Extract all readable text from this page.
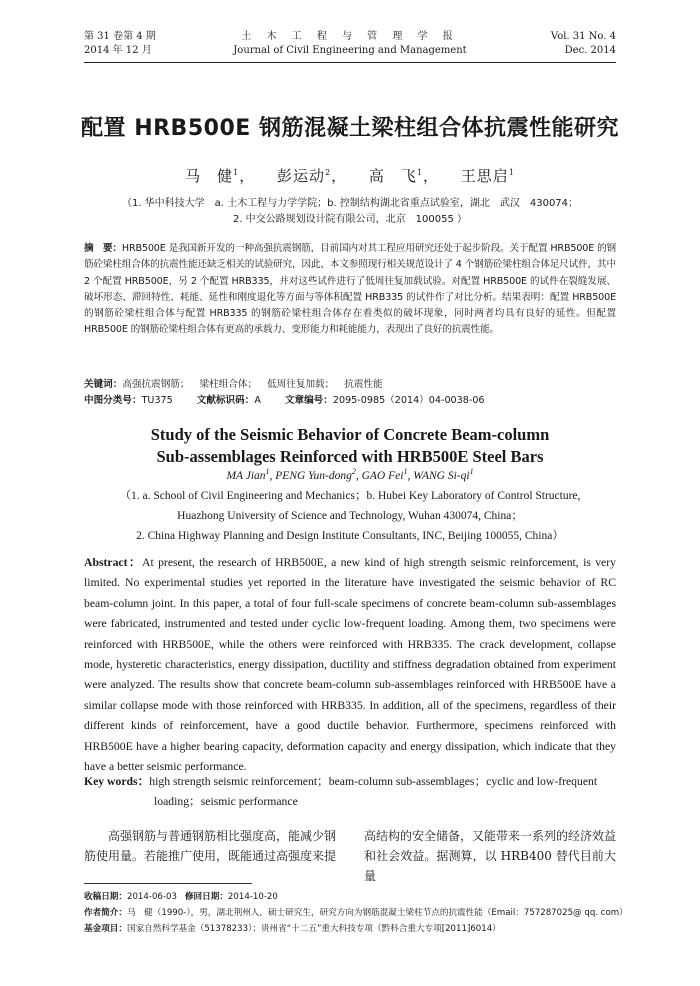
第 31 卷第 4 期
2014 年 12 月
土 木 工 程 与 管 理 学 报
Journal of Civil Engineering and Management
Vol. 31 No. 4
Dec. 2014
配置 HRB500E 钢筋混凝土梁柱组合体抗震性能研究
马　健$^1$， 彭运动$^2$， 高　飞$^1$， 王思启$^1$
（1. 华中科技大学　a. 土木工程与力学学院；b. 控制结构湖北省重点试验室，湖北　武汉　430074；
2. 中交公路规划设计院有限公司，北京　100055 ）
摘　要：HRB500E 是我国新开发的一种高强抗震钢筋，目前国内对其工程应用研究还处于起步阶段。关于配置 HRB500E 的钢筋砼梁柱组合体的抗震性能还缺乏相关的试验研究，因此，本文参照现行相关规范设计了 4 个钢筋砼梁柱组合体足尺试件，其中 2 个配置 HRB500E，另 2 个配置 HRB335，并对这些试件进行了低周往复加载试验。对配置 HRB500E 的试件在裂缝发展、破坏形态、滞回特性、耗能、延性和刚度退化等方面与等体积配置 HRB335 的试件作了对比分析。结果表明：配置 HRB500E 的钢筋砼梁柱组合体与配置 HRB335 的钢筋砼梁柱组合体存在着类似的破坏现象，同时两者均具有良好的延性。但配置 HRB500E 的钢筋砼梁柱组合体有更高的承载力、变形能力和耗能能力，表现出了良好的抗震性能。
关键词：高强抗震钢筋； 梁柱组合体； 低周往复加载； 抗震性能
中图分类号：TU375	文献标识码：A	文章编号：2095-0985（2014）04-0038-06
Study of the Seismic Behavior of Concrete Beam-column
Sub-assemblages Reinforced with HRB500E Steel Bars
MA Jian$^1$, PENG Yun-dong$^2$, GAO Fei$^1$, WANG $Si-qi^1$
（1. a. School of Civil Engineering and Mechanics；b. Hubei Key Laboratory of Control Structure,
Huazhong University of Science and Technology, Wuhan 430074, China；
2. China Highway Planning and Design Institute Consultants, INC, Beijing 100055, China）
Abstract：At present, the research of HRB500E, a new kind of high strength seismic reinforcement, is very limited. No experimental studies yet reported in the literature have investigated the seismic behavior of RC beam-column joint. In this paper, a total of four full-scale specimens of concrete beam-column sub-assemblages were fabricated, instrumented and tested under cyclic low-frequent loading. Among them, two specimens were reinforced with HRB500E, while the others were reinforced with HRB335. The crack development, collapse mode, hysteretic characteristics, energy dissipation, ductility and stiffness degradation obtained from experiment were analyzed. The results show that concrete beam-column sub-assemblages reinforced with HRB500E have a similar collapse mode with those reinforced with HRB335. In addition, all of the specimens, regardless of their different kinds of reinforcement, have a good ductile behavior. Furthermore, specimens reinforced with HRB500E have a higher bearing capacity, deformation capacity and energy dissipation, which indicate that they have a better seismic performance.
Key words：high strength seismic reinforcement；beam-column sub-assemblages；cyclic and low-frequent loading；seismic performance
高强钢筋与普通钢筋相比强度高，能减少钢筋使用量。若能推广使用，既能通过高强度来提
高结构的安全储备，又能带来一系列的经济效益和社会效益。据测算，以 HRB400 替代目前大量
收稿日期：2014-06-03 修回日期：2014-10-20
作者简介：马　健（1990-），男，湖北荆州人，硕士研究生，研究方向为钢筋混凝土梁柱节点的抗震性能（Email：757287025@ qq. com）
基金项目：国家自然科学基金（51378233）；贵州省“十二五”重大科技专项（黔科合重大专项[2011]6014）
